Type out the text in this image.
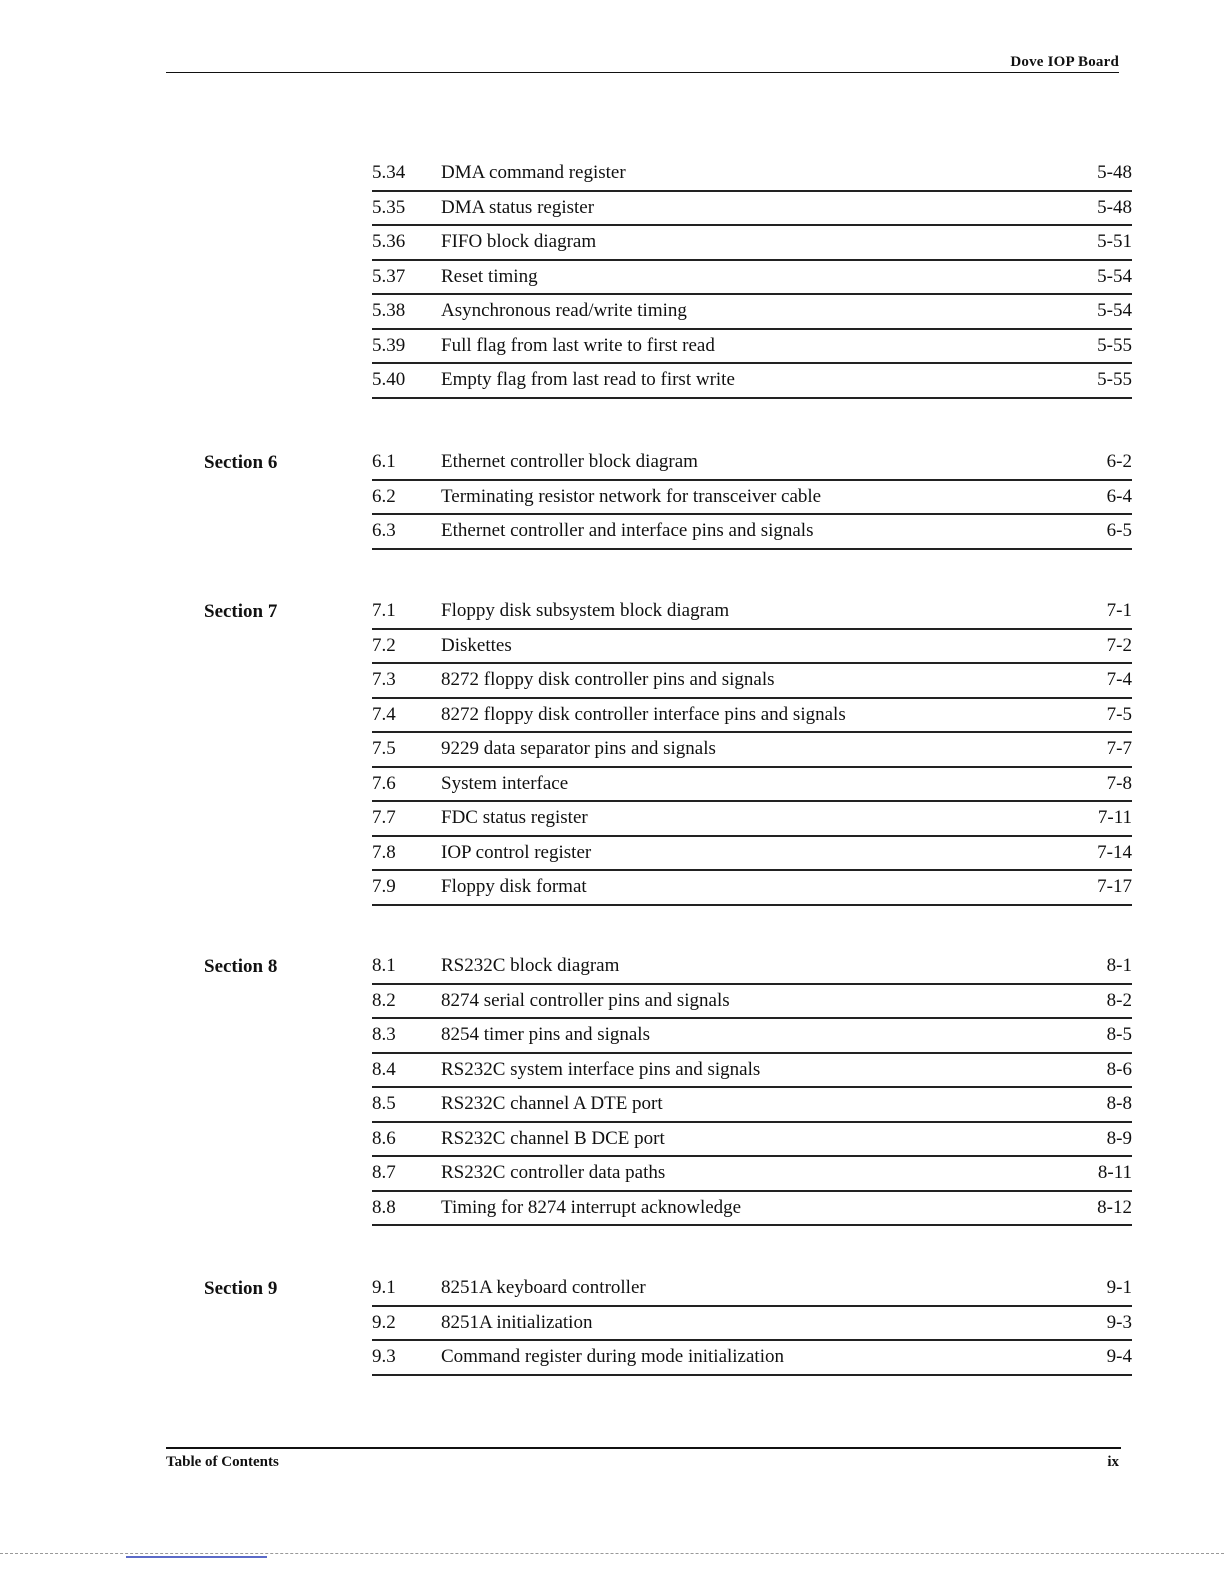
Dove IOP Board
5.34 DMA command register	5-48
5.35 DMA status register	5-48
5.36 FIFO block diagram	5-51
5.37 Reset timing	5-54
5.38 Asynchronous read/write timing	5-54
5.39 Full flag from last write to first read	5-55
5.40 Empty flag from last read to first write	5-55
Section 6	6.1 Ethernet controller block diagram	6-2
6.2 Terminating resistor network for transceiver cable	6-4
6.3 Ethernet controller and interface pins and signals	6-5
Section 7	7.1 Floppy disk subsystem block diagram	7-1
7.2 Diskettes	7-2
7.3 8272 floppy disk controller pins and signals	7-4
7.4 8272 floppy disk controller interface pins and signals	7-5
7.5 9229 data separator pins and signals	7-7
7.6 System interface	7-8
7.7 FDC status register	7-11
7.8 IOP control register	7-14
7.9 Floppy disk format	7-17
Section 8	8.1 RS232C block diagram	8-1
8.2 8274 serial controller pins and signals	8-2
8.3 8254 timer pins and signals	8-5
8.4 RS232C system interface pins and signals	8-6
8.5 RS232C channel A DTE port	8-8
8.6 RS232C channel B DCE port	8-9
8.7 RS232C controller data paths	8-11
8.8 Timing for 8274 interrupt acknowledge	8-12
Section 9	9.1 8251A keyboard controller	9-1
9.2 8251A initialization	9-3
9.3 Command register during mode initialization	9-4
Table of Contents	ix
